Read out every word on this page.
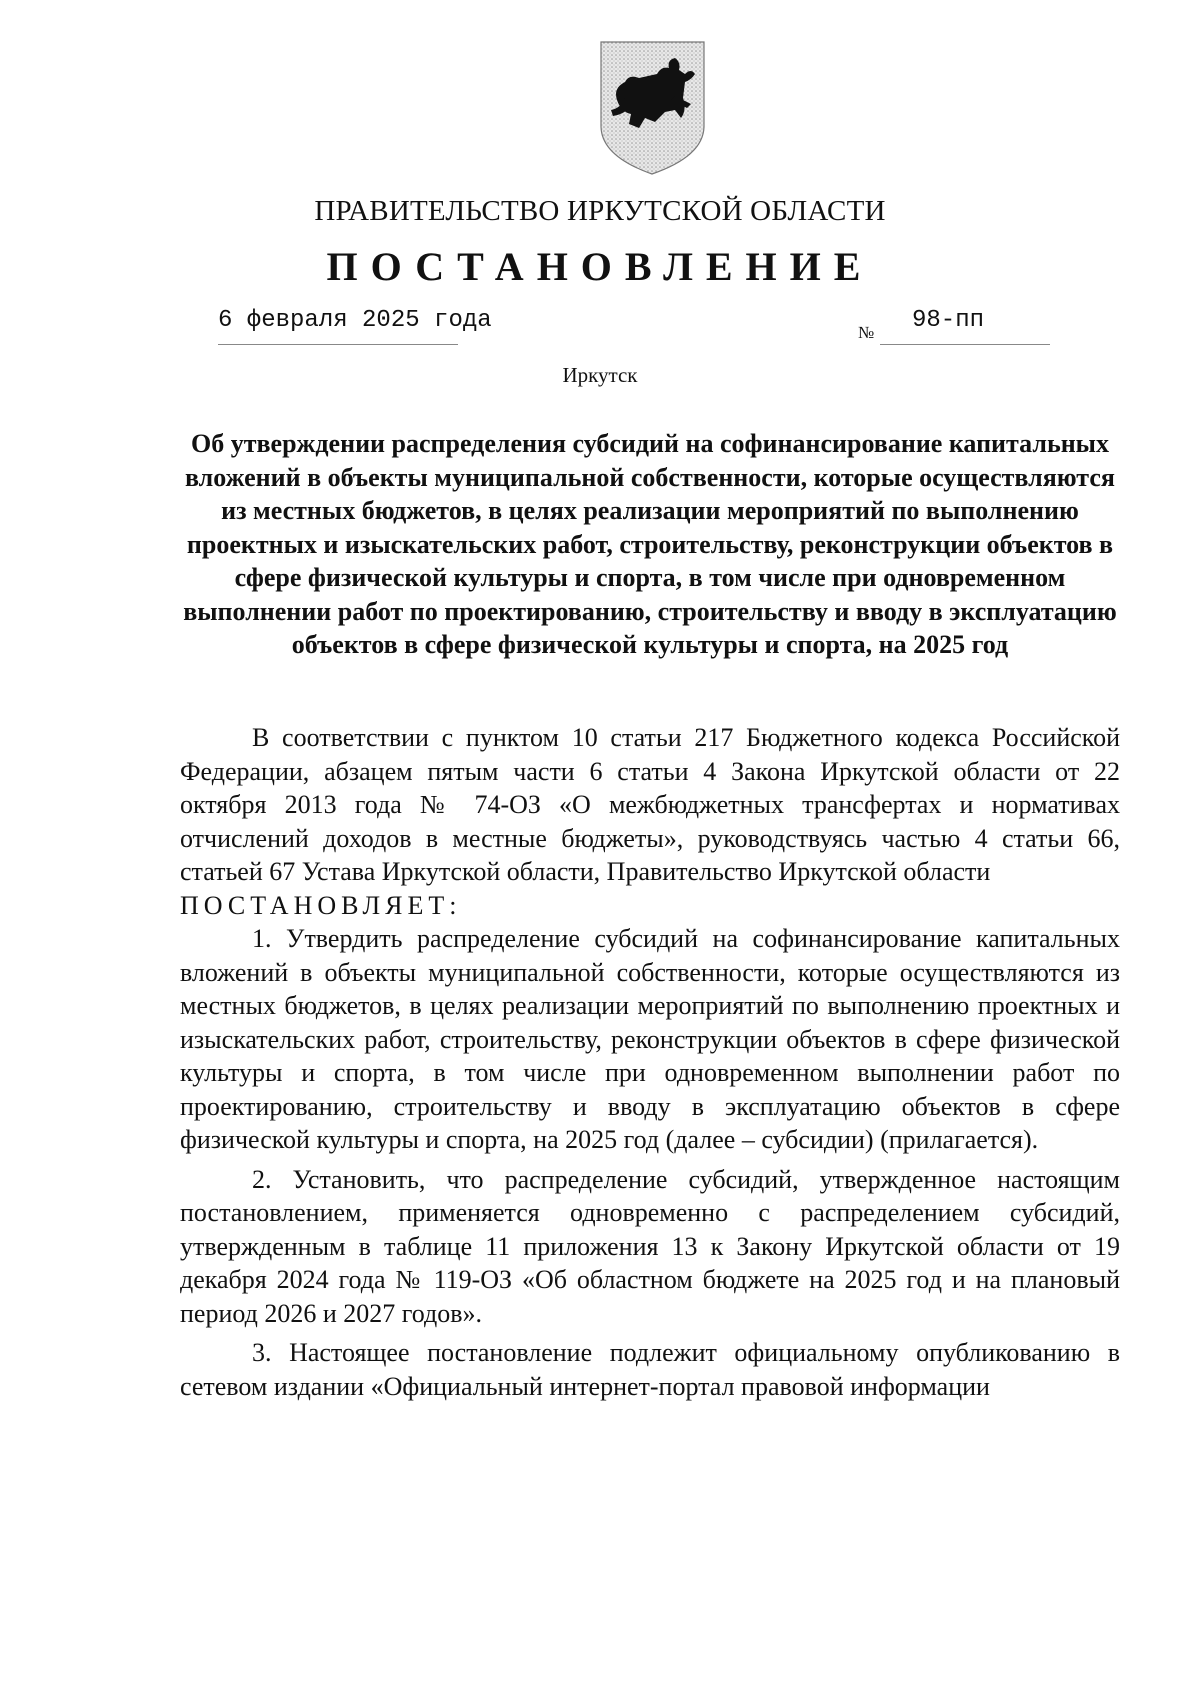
ПРАВИТЕЛЬСТВО ИРКУТСКОЙ ОБЛАСТИ
ПОСТАНОВЛЕНИЕ
6 февраля 2025 года	№ 98-пп
Иркутск

Об утверждении распределения субсидий на софинансирование капитальных вложений в объекты муниципальной собственности, которые осуществляются из местных бюджетов, в целях реализации мероприятий по выполнению проектных и изыскательских работ, строительству, реконструкции объектов в сфере физической культуры и спорта, в том числе при одновременном выполнении работ по проектированию, строительству и вводу в эксплуатацию объектов в сфере физической культуры и спорта, на 2025 год

В соответствии с пунктом 10 статьи 217 Бюджетного кодекса Российской Федерации, абзацем пятым части 6 статьи 4 Закона Иркутской области от 22 октября 2013 года № 74-ОЗ «О межбюджетных трансфертах и нормативах отчислений доходов в местные бюджеты», руководствуясь частью 4 статьи 66, статьей 67 Устава Иркутской области, Правительство Иркутской области

ПОСТАНОВЛЯЕТ:

1. Утвердить распределение субсидий на софинансирование капитальных вложений в объекты муниципальной собственности, которые осуществляются из местных бюджетов, в целях реализации мероприятий по выполнению проектных и изыскательских работ, строительству, реконструкции объектов в сфере физической культуры и спорта, в том числе при одновременном выполнении работ по проектированию, строительству и вводу в эксплуатацию объектов в сфере физической культуры и спорта, на 2025 год (далее – субсидии) (прилагается).

2. Установить, что распределение субсидий, утвержденное настоящим постановлением, применяется одновременно с распределением субсидий, утвержденным в таблице 11 приложения 13 к Закону Иркутской области от 19 декабря 2024 года № 119-ОЗ «Об областном бюджете на 2025 год и на плановый период 2026 и 2027 годов».

3. Настоящее постановление подлежит официальному опубликованию в сетевом издании «Официальный интернет-портал правовой информации
